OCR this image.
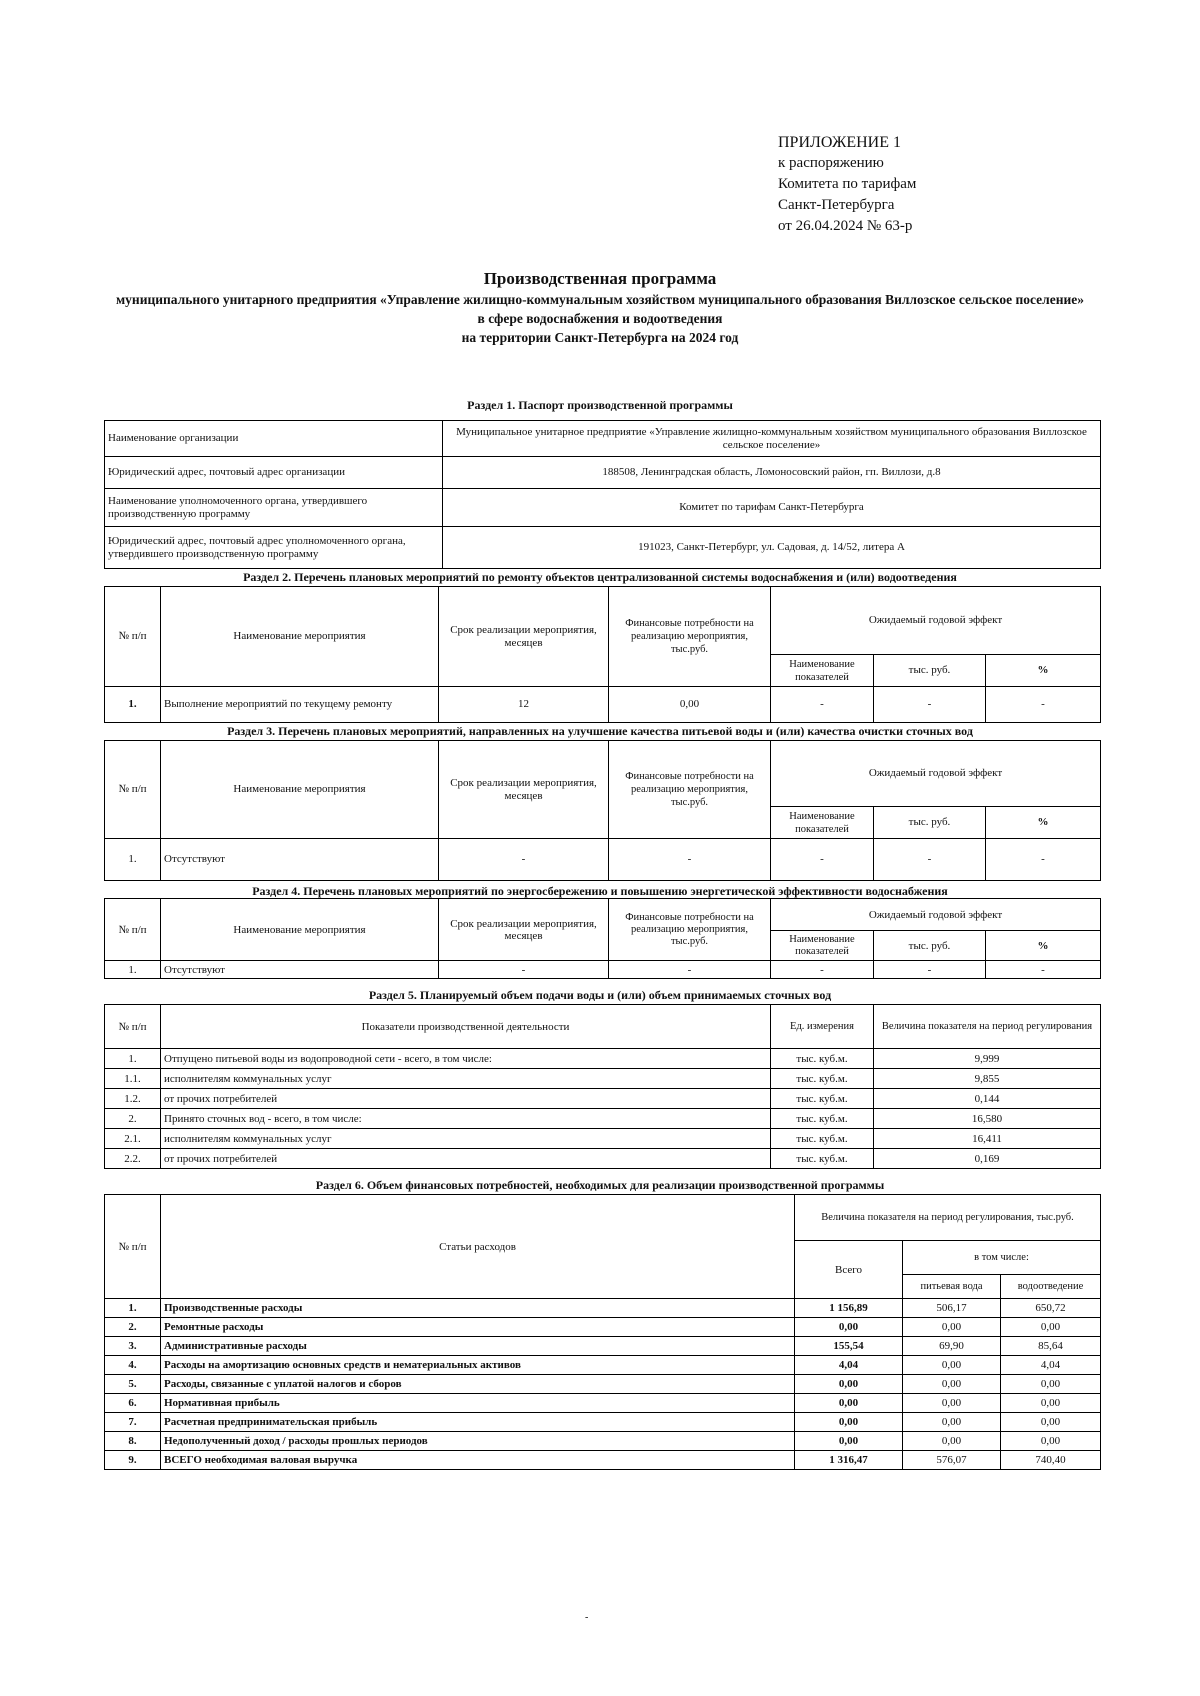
ПРИЛОЖЕНИЕ 1
к распоряжению
Комитета по тарифам
Санкт-Петербурга
от 26.04.2024 № 63-р
Производственная программа
муниципального унитарного предприятия «Управление жилищно-коммунальным хозяйством муниципального образования Виллозское сельское поселение»
в сфере водоснабжения и водоотведения
на территории Санкт-Петербурга на 2024 год
Раздел 1. Паспорт производственной программы
Наименование организации	Муниципальное унитарное предприятие «Управление жилищно-коммунальным хозяйством муниципального образования Виллозское сельское поселение»
Юридический адрес, почтовый адрес организации	188508, Ленинградская область, Ломоносовский район, гп. Виллози, д.8
Наименование уполномоченного органа, утвердившего производственную программу	Комитет по тарифам Санкт-Петербурга
Юридический адрес, почтовый адрес уполномоченного органа, утвердившего производственную программу	191023, Санкт-Петербург, ул. Садовая, д. 14/52, литера А
Раздел 2. Перечень плановых мероприятий по ремонту объектов централизованной системы водоснабжения и (или) водоотведения
№ п/п	Наименование мероприятия	Срок реализации мероприятия, месяцев	Финансовые потребности на реализацию мероприятия, тыс.руб.	Ожидаемый годовой эффект		
				Наименование показателей	тыс. руб.	%
1.	Выполнение мероприятий по текущему ремонту	12	0,00	-	-	-
Раздел 3. Перечень плановых мероприятий, направленных на улучшение качества питьевой воды и (или) качества очистки сточных вод
№ п/п	Наименование мероприятия	Срок реализации мероприятия, месяцев	Финансовые потребности на реализацию мероприятия, тыс.руб.	Ожидаемый годовой эффект		
				Наименование показателей	тыс. руб.	%
1.	Отсутствуют	-	-	-	-	-
Раздел 4. Перечень плановых мероприятий по энергосбережению и повышению энергетической эффективности водоснабжения
№ п/п	Наименование мероприятия	Срок реализации мероприятия, месяцев	Финансовые потребности на реализацию мероприятия, тыс.руб.	Ожидаемый годовой эффект		
				Наименование показателей	тыс. руб.	%
1.	Отсутствуют	-	-	-	-	-
Раздел 5. Планируемый объем подачи воды и (или) объем принимаемых сточных вод
№ п/п	Показатели производственной деятельности	Ед. измерения	Величина показателя на период регулирования
1.	Отпущено питьевой воды из водопроводной сети - всего, в том числе:	тыс. куб.м.	9,999
1.1.	исполнителям коммунальных услуг	тыс. куб.м.	9,855
1.2.	от прочих потребителей	тыс. куб.м.	0,144
2.	Принято сточных вод - всего, в том числе:	тыс. куб.м.	16,580
2.1.	исполнителям коммунальных услуг	тыс. куб.м.	16,411
2.2.	от прочих потребителей	тыс. куб.м.	0,169
Раздел 6. Объем финансовых потребностей, необходимых для реализации производственной программы
№ п/п	Статьи расходов	Величина показателя на период регулирования, тыс.руб.		
		Всего	в том числе:	
			питьевая вода	водоотведение
1.	Производственные расходы	1 156,89	506,17	650,72
2.	Ремонтные расходы	0,00	0,00	0,00
3.	Административные расходы	155,54	69,90	85,64
4.	Расходы на амортизацию основных средств и нематериальных активов	4,04	0,00	4,04
5.	Расходы, связанные с уплатой налогов и сборов	0,00	0,00	0,00
6.	Нормативная прибыль	0,00	0,00	0,00
7.	Расчетная предпринимательская прибыль	0,00	0,00	0,00
8.	Недополученный доход / расходы прошлых периодов	0,00	0,00	0,00
9.	ВСЕГО необходимая валовая выручка	1 316,47	576,07	740,40
-
